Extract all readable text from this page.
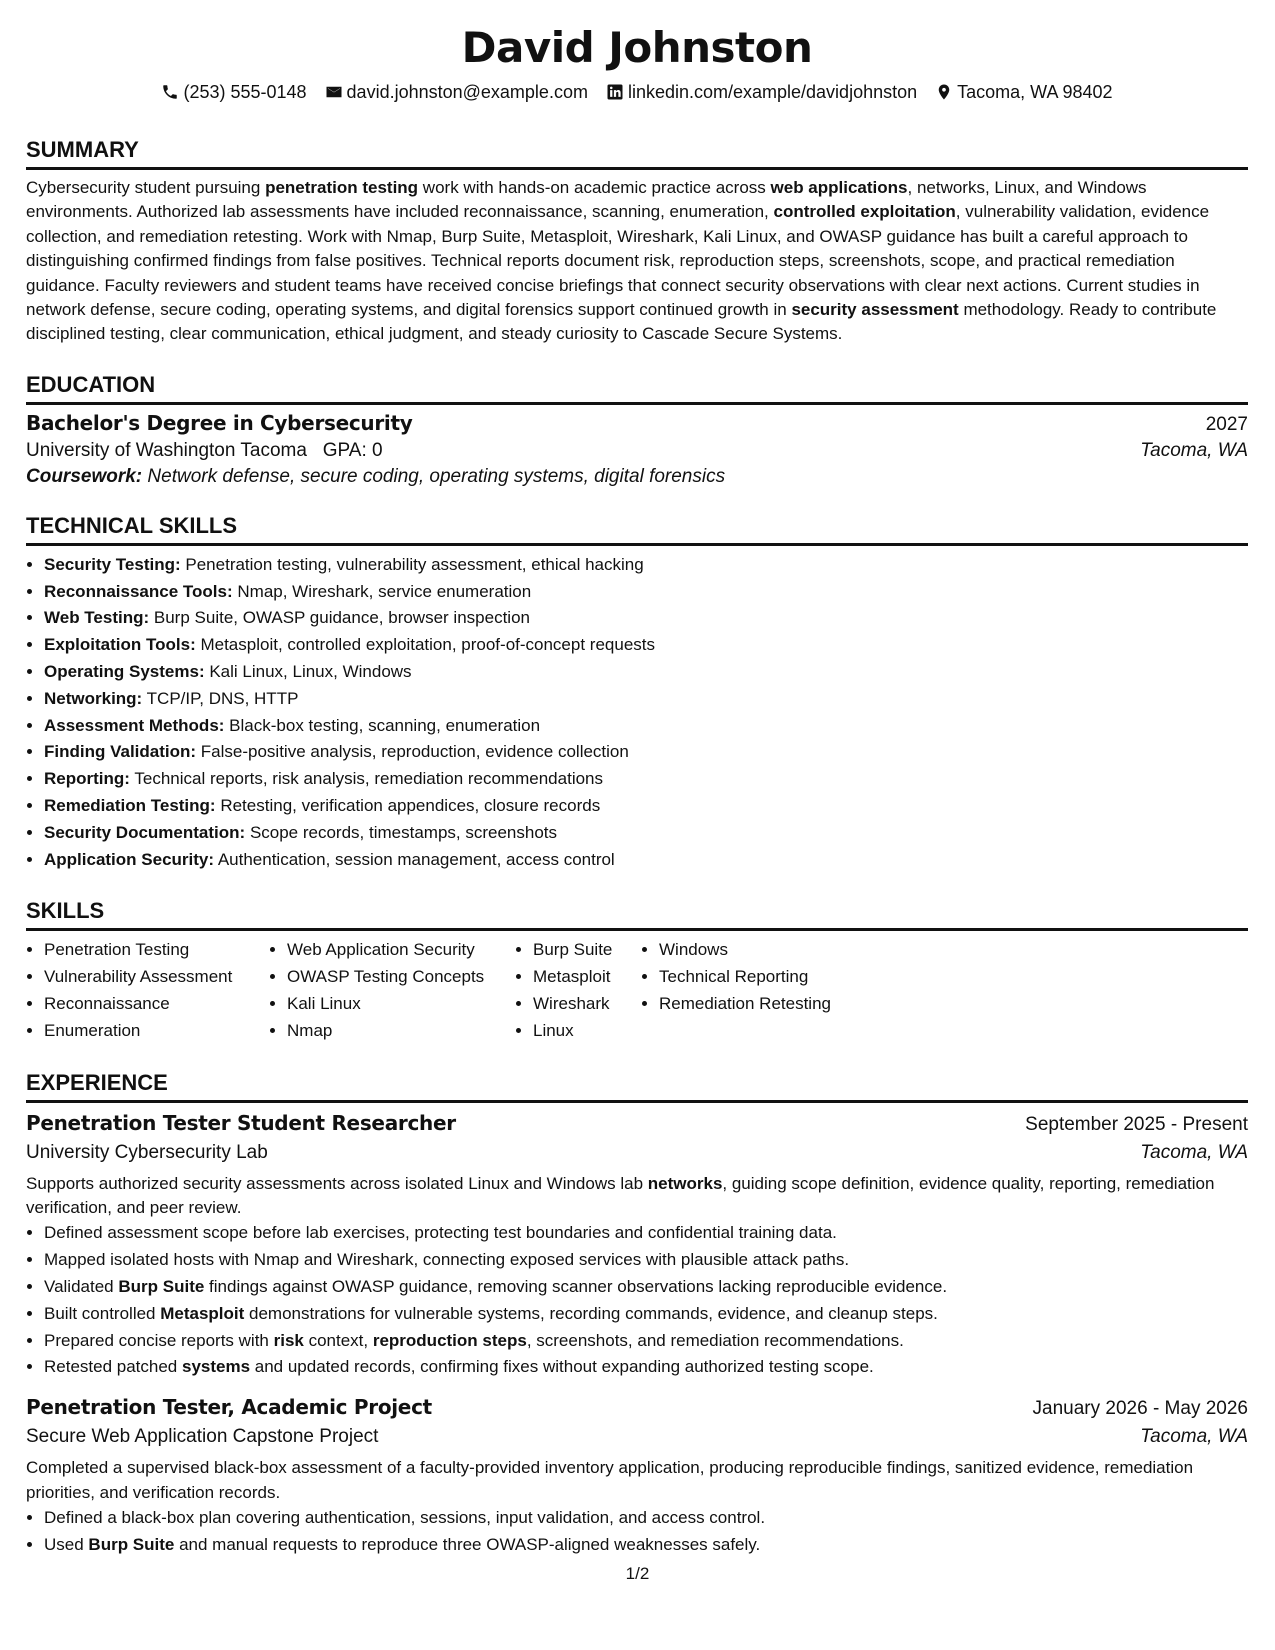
David Johnston
(253) 555-0148 david.johnston@example.com linkedin.com/example/davidjohnston Tacoma, WA 98402
SUMMARY

Cybersecurity student pursuing penetration testing work with hands-on academic practice across web applications, networks, Linux, and Windows environments. Authorized lab assessments have included reconnaissance, scanning, enumeration, controlled exploitation, vulnerability validation, evidence collection, and remediation retesting. Work with Nmap, Burp Suite, Metasploit, Wireshark, Kali Linux, and OWASP guidance has built a careful approach to distinguishing confirmed findings from false positives. Technical reports document risk, reproduction steps, screenshots, scope, and practical remediation guidance. Faculty reviewers and student teams have received concise briefings that connect security observations with clear next actions. Current studies in network defense, secure coding, operating systems, and digital forensics support continued growth in security assessment methodology. Ready to contribute disciplined testing, clear communication, ethical judgment, and steady curiosity to Cascade Secure Systems.

EDUCATION
Bachelor's Degree in Cybersecurity	2027
University of Washington Tacoma GPA: 0	Tacoma, WA
Coursework: Network defense, secure coding, operating systems, digital forensics
TECHNICAL SKILLS
• Security Testing: Penetration testing, vulnerability assessment, ethical hacking
• Reconnaissance Tools: Nmap, Wireshark, service enumeration
• Web Testing: Burp Suite, OWASP guidance, browser inspection
• Exploitation Tools: Metasploit, controlled exploitation, proof-of-concept requests
• Operating Systems: Kali Linux, Linux, Windows
• Networking: TCP/IP, DNS, HTTP
• Assessment Methods: Black-box testing, scanning, enumeration
• Finding Validation: False-positive analysis, reproduction, evidence collection
• Reporting: Technical reports, risk analysis, remediation recommendations
• Remediation Testing: Retesting, verification appendices, closure records
• Security Documentation: Scope records, timestamps, screenshots
• Application Security: Authentication, session management, access control
SKILLS
• Penetration Testing
• Vulnerability Assessment
• Reconnaissance
• Enumeration
• Web Application Security
• OWASP Testing Concepts
• Kali Linux
• Nmap
• Burp Suite
• Metasploit
• Wireshark
• Linux
• Windows
• Technical Reporting
• Remediation Retesting
EXPERIENCE
Penetration Tester Student Researcher	September 2025 - Present
University Cybersecurity Lab	Tacoma, WA

Supports authorized security assessments across isolated Linux and Windows lab networks, guiding scope definition, evidence quality, reporting, remediation verification, and peer review.

• Defined assessment scope before lab exercises, protecting test boundaries and confidential training data.
• Mapped isolated hosts with Nmap and Wireshark, connecting exposed services with plausible attack paths.
• Validated Burp Suite findings against OWASP guidance, removing scanner observations lacking reproducible evidence.
• Built controlled Metasploit demonstrations for vulnerable systems, recording commands, evidence, and cleanup steps.
• Prepared concise reports with risk context, reproduction steps, screenshots, and remediation recommendations.
• Retested patched systems and updated records, confirming fixes without expanding authorized testing scope.
Penetration Tester, Academic Project	January 2026 - May 2026
Secure Web Application Capstone Project	Tacoma, WA

Completed a supervised black-box assessment of a faculty-provided inventory application, producing reproducible findings, sanitized evidence, remediation priorities, and verification records.

• Defined a black-box plan covering authentication, sessions, input validation, and access control.
• Used Burp Suite and manual requests to reproduce three OWASP-aligned weaknesses safely.
1/2
